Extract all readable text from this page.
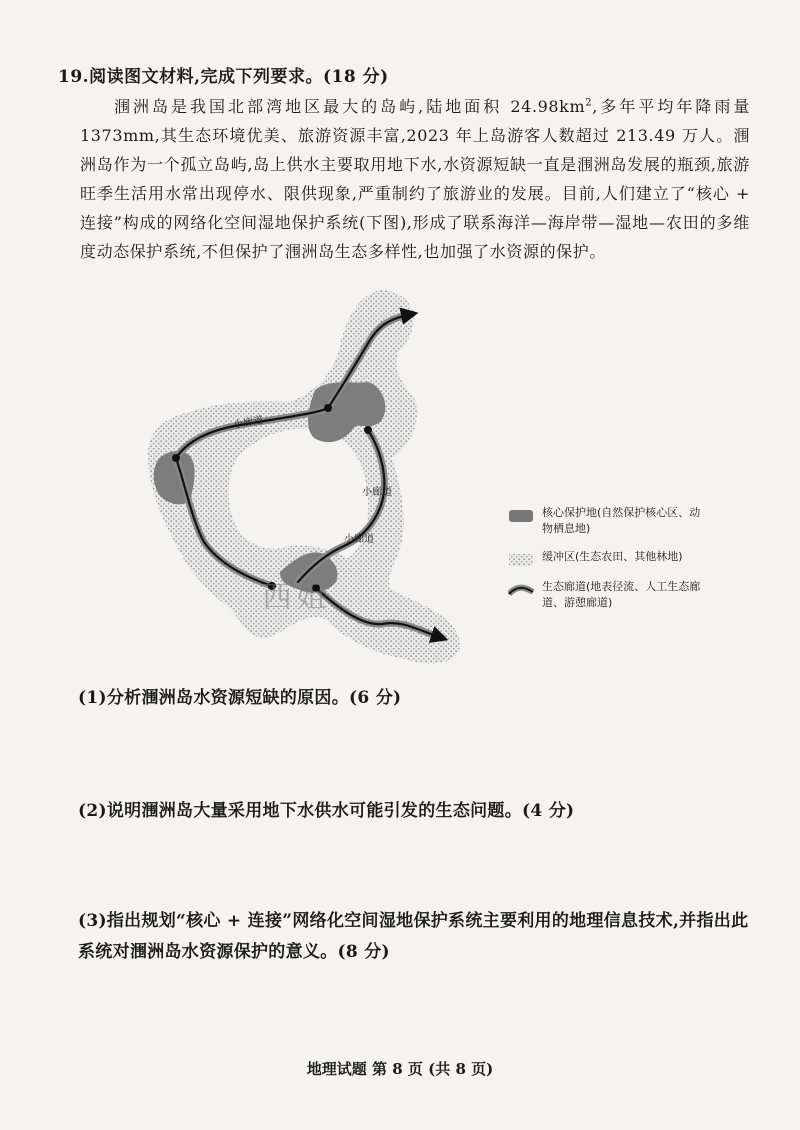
19.阅读图文材料,完成下列要求。(18 分)
涠洲岛是我国北部湾地区最大的岛屿,陆地面积 $24.98km^2$,多年平均年降雨量 1373mm,其生态环境优美、旅游资源丰富,2023 年上岛游客人数超过 213.49 万人。涠洲岛作为一个孤立岛屿,岛上供水主要取用地下水,水资源短缺一直是涠洲岛发展的瓶颈,旅游旺季生活用水常出现停水、限供现象,严重制约了旅游业的发展。目前,人们建立了“核心 + 连接”构成的网络化空间湿地保护系统(下图),形成了联系海洋—海岸带—湿地—农田的多维度动态保护系统,不但保护了涠洲岛生态多样性,也加强了水资源的保护。
小廊道
小廊道
小廊道
西姐
核心保护地(自然保护核心区、动物栖息地)
缓冲区(生态农田、其他林地)
生态廊道(地表径流、人工生态廊道、游憩廊道)
(1)分析涠洲岛水资源短缺的原因。(6 分)
(2)说明涠洲岛大量采用地下水供水可能引发的生态问题。(4 分)
(3)指出规划“核心 + 连接”网络化空间湿地保护系统主要利用的地理信息技术,并指出此系统对涠洲岛水资源保护的意义。(8 分)
地理试题 第 8 页 (共 8 页)
